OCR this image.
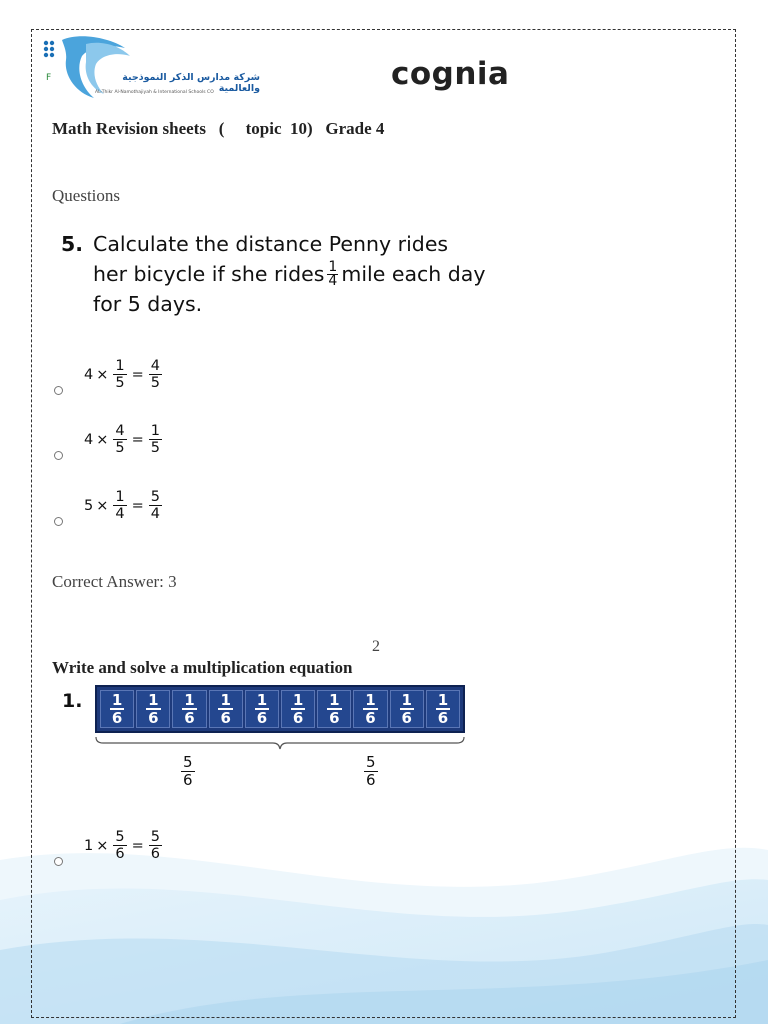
F	شركة مدارس الذكر النموذجية والعالمية
AL-Thikr Al-Namothajiyah & International Schools CO
cognia
Math Revision sheets   (     topic  10)   Grade 4
Questions
5. Calculate the distance Penny rides
her bicycle if she rides $\frac{1}{4}$ mile each day
for 5 days.
$4 \times \frac{1}{5} = \frac{4}{5}$
$4 \times \frac{4}{5} = \frac{1}{5}$
$5 \times \frac{1}{4} = \frac{5}{4}$
Correct Answer: 3
2
Write and solve a multiplication equation
1. 1
6
1
6
1
6
1
6
1
6
1
6
1
6
1
6
1
6
1
6
$\frac{5}{6}$	$\frac{5}{6}$
$1 \times \frac{5}{6} = \frac{5}{6}$
